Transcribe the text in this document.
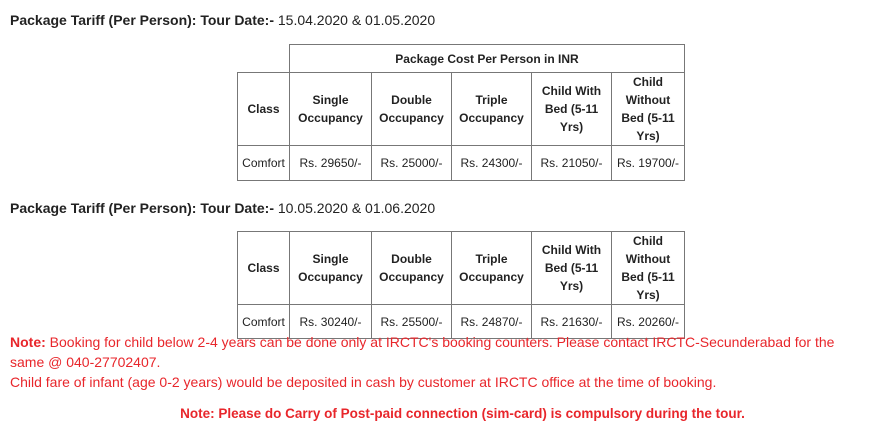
Package Tariff (Per Person): Tour Date:- 15.04.2020 & 01.05.2020
	Package Cost Per Person in INR				
Class	Single Occupancy	Double Occupancy	Triple Occupancy	Child With Bed (5-11 Yrs)	Child Without Bed (5-11 Yrs)
Comfort	Rs. 29650/-	Rs. 25000/-	Rs. 24300/-	Rs. 21050/-	Rs. 19700/-
Package Tariff (Per Person): Tour Date:- 10.05.2020 & 01.06.2020
Class	Single Occupancy	Double Occupancy	Triple Occupancy	Child With Bed (5-11 Yrs)	Child Without Bed (5-11 Yrs)
Comfort	Rs. 30240/-	Rs. 25500/-	Rs. 24870/-	Rs. 21630/-	Rs. 20260/-
Note: Booking for child below 2-4 years can be done only at IRCTC's booking counters. Please contact IRCTC-Secunderabad for the same @ 040-27702407.
Child fare of infant (age 0-2 years) would be deposited in cash by customer at IRCTC office at the time of booking.
Note: Please do Carry of Post-paid connection (sim-card) is compulsory during the tour.
